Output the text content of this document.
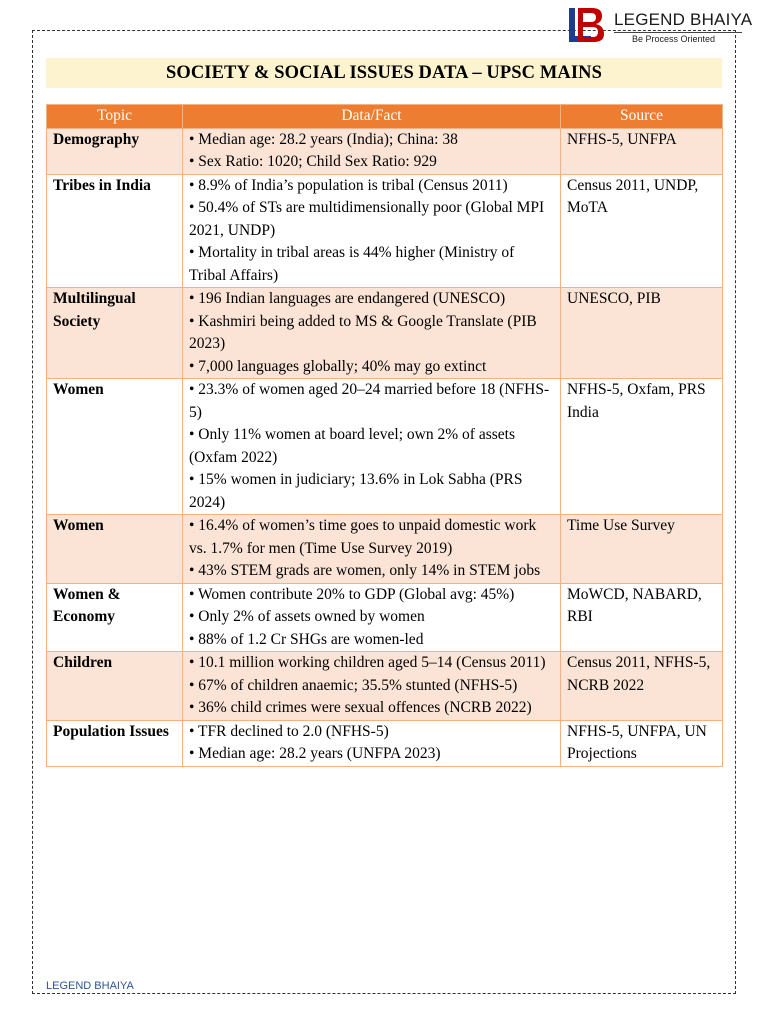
LEGEND BHAIYA
Be Process Oriented
SOCIETY & SOCIAL ISSUES DATA – UPSC MAINS
Topic	Data/Fact	Source
Demography	• Median age: 28.2 years (India); China: 38
• Sex Ratio: 1020; Child Sex Ratio: 929	NFHS-5, UNFPA
Tribes in India	• 8.9% of India’s population is tribal (Census 2011)
• 50.4% of STs are multidimensionally poor (Global MPI 2021, UNDP)
• Mortality in tribal areas is 44% higher (Ministry of Tribal Affairs)	Census 2011, UNDP, MoTA
Multilingual Society	• 196 Indian languages are endangered (UNESCO)
• Kashmiri being added to MS & Google Translate (PIB 2023)
• 7,000 languages globally; 40% may go extinct	UNESCO, PIB
Women	• 23.3% of women aged 20–24 married before 18 (NFHS-5)
• Only 11% women at board level; own 2% of assets (Oxfam 2022)
• 15% women in judiciary; 13.6% in Lok Sabha (PRS 2024)	NFHS-5, Oxfam, PRS India
Women	• 16.4% of women’s time goes to unpaid domestic work vs. 1.7% for men (Time Use Survey 2019)
• 43% STEM grads are women, only 14% in STEM jobs	Time Use Survey
Women & Economy	• Women contribute 20% to GDP (Global avg: 45%)
• Only 2% of assets owned by women
• 88% of 1.2 Cr SHGs are women-led	MoWCD, NABARD, RBI
Children	• 10.1 million working children aged 5–14 (Census 2011)
• 67% of children anaemic; 35.5% stunted (NFHS-5)
• 36% child crimes were sexual offences (NCRB 2022)	Census 2011, NFHS-5, NCRB 2022
Population Issues	• TFR declined to 2.0 (NFHS-5)
• Median age: 28.2 years (UNFPA 2023)	NFHS-5, UNFPA, UN Projections
LEGEND BHAIYA
